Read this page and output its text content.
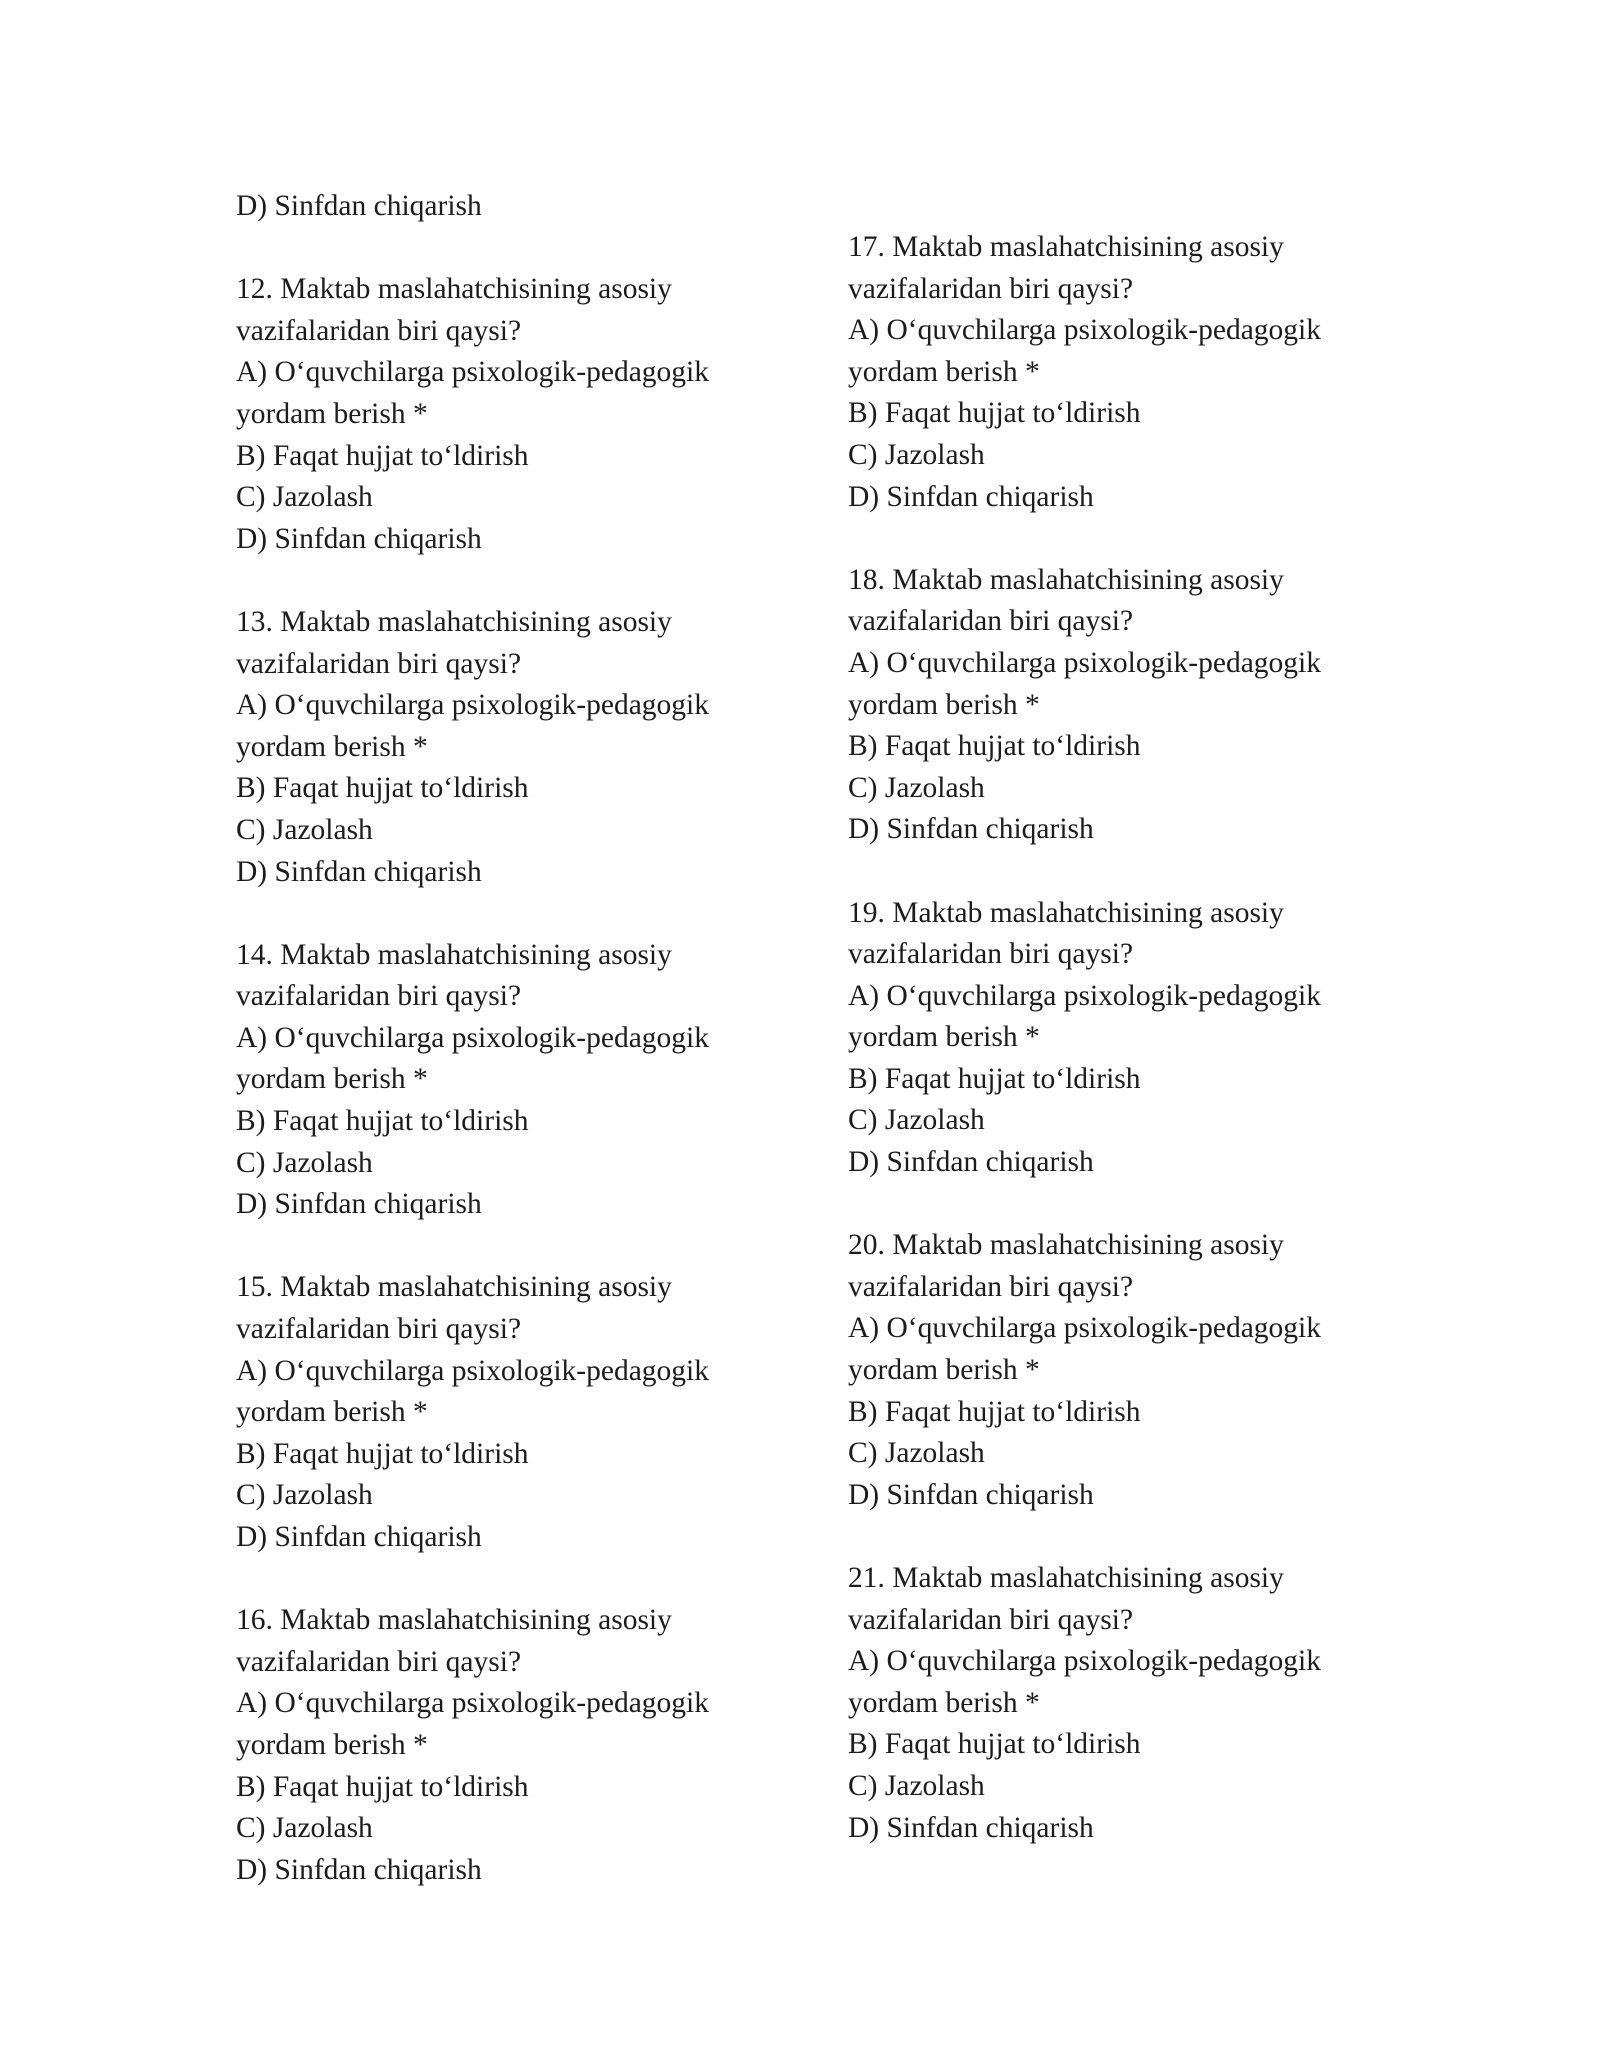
D) Sinfdan chiqarish
12. Maktab maslahatchisining asosiy
vazifalaridan biri qaysi?
A) O‘quvchilarga psixologik-pedagogik
yordam berish *
B) Faqat hujjat to‘ldirish
C) Jazolash
D) Sinfdan chiqarish
13. Maktab maslahatchisining asosiy
vazifalaridan biri qaysi?
A) O‘quvchilarga psixologik-pedagogik
yordam berish *
B) Faqat hujjat to‘ldirish
C) Jazolash
D) Sinfdan chiqarish
14. Maktab maslahatchisining asosiy
vazifalaridan biri qaysi?
A) O‘quvchilarga psixologik-pedagogik
yordam berish *
B) Faqat hujjat to‘ldirish
C) Jazolash
D) Sinfdan chiqarish
15. Maktab maslahatchisining asosiy
vazifalaridan biri qaysi?
A) O‘quvchilarga psixologik-pedagogik
yordam berish *
B) Faqat hujjat to‘ldirish
C) Jazolash
D) Sinfdan chiqarish
16. Maktab maslahatchisining asosiy
vazifalaridan biri qaysi?
A) O‘quvchilarga psixologik-pedagogik
yordam berish *
B) Faqat hujjat to‘ldirish
C) Jazolash
D) Sinfdan chiqarish
17. Maktab maslahatchisining asosiy
vazifalaridan biri qaysi?
A) O‘quvchilarga psixologik-pedagogik
yordam berish *
B) Faqat hujjat to‘ldirish
C) Jazolash
D) Sinfdan chiqarish
18. Maktab maslahatchisining asosiy
vazifalaridan biri qaysi?
A) O‘quvchilarga psixologik-pedagogik
yordam berish *
B) Faqat hujjat to‘ldirish
C) Jazolash
D) Sinfdan chiqarish
19. Maktab maslahatchisining asosiy
vazifalaridan biri qaysi?
A) O‘quvchilarga psixologik-pedagogik
yordam berish *
B) Faqat hujjat to‘ldirish
C) Jazolash
D) Sinfdan chiqarish
20. Maktab maslahatchisining asosiy
vazifalaridan biri qaysi?
A) O‘quvchilarga psixologik-pedagogik
yordam berish *
B) Faqat hujjat to‘ldirish
C) Jazolash
D) Sinfdan chiqarish
21. Maktab maslahatchisining asosiy
vazifalaridan biri qaysi?
A) O‘quvchilarga psixologik-pedagogik
yordam berish *
B) Faqat hujjat to‘ldirish
C) Jazolash
D) Sinfdan chiqarish
